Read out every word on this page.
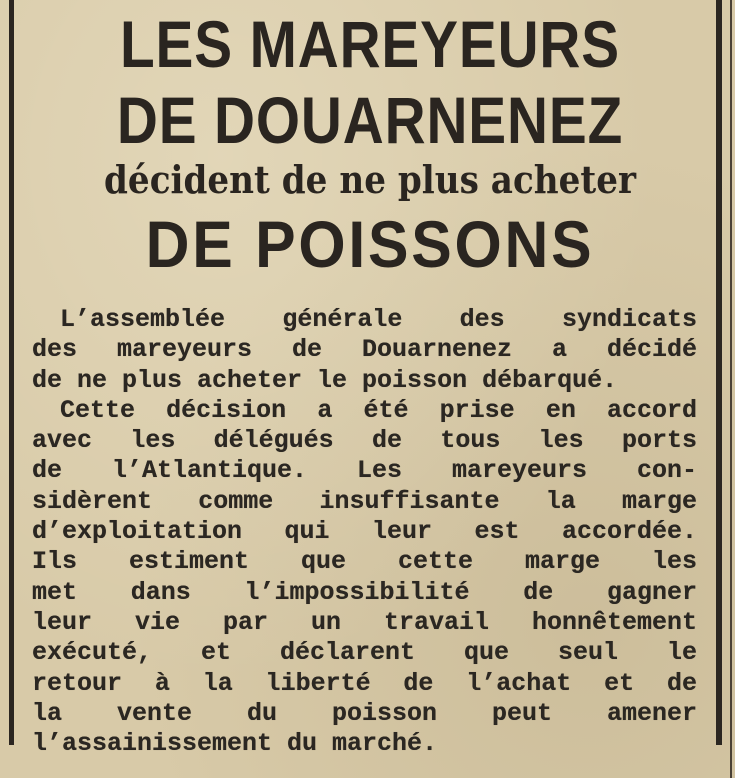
LES MAREYEURS
DE DOUARNENEZ
décident de ne plus acheter
DE POISSONS
L’assemblée générale des syndicats
des mareyeurs de Douarnenez a décidé
de ne plus acheter le poisson débarqué.
Cette décision a été prise en accord
avec les délégués de tous les ports
de l’Atlantique. Les mareyeurs con-
sidèrent comme insuffisante la marge
d’exploitation qui leur est accordée.
Ils estiment que cette marge les
met dans l’impossibilité de gagner
leur vie par un travail honnêtement
exécuté, et déclarent que seul le
retour à la liberté de l’achat et de
la vente du poisson peut amener
l’assainissement du marché.
